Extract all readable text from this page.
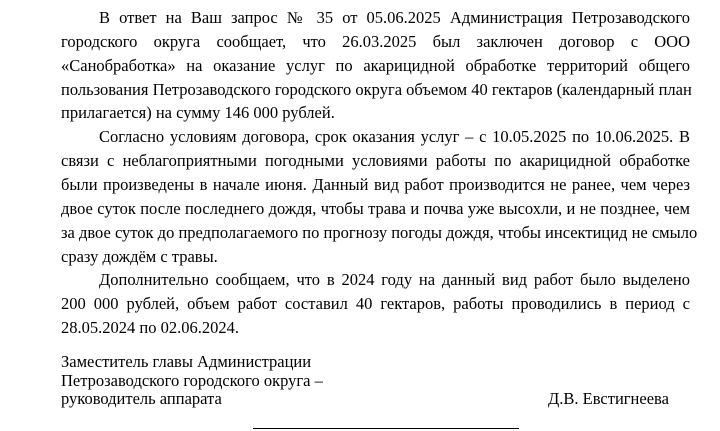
В ответ на Ваш запрос № 35 от 05.06.2025 Администрация Петрозаводского
городского округа сообщает, что 26.03.2025 был заключен договор с ООО
«Санобработка» на оказание услуг по акарицидной обработке территорий общего
пользования Петрозаводского городского округа объемом 40 гектаров (календарный план
прилагается) на сумму 146 000 рублей.
Согласно условиям договора, срок оказания услуг – с 10.05.2025 по 10.06.2025. В
связи с неблагоприятными погодными условиями работы по акарицидной обработке
были произведены в начале июня. Данный вид работ производится не ранее, чем через
двое суток после последнего дождя, чтобы трава и почва уже высохли, и не позднее, чем
за двое суток до предполагаемого по прогнозу погоды дождя, чтобы инсектицид не смыло
сразу дождём с травы.
Дополнительно сообщаем, что в 2024 году на данный вид работ было выделено
200 000 рублей, объем работ составил 40 гектаров, работы проводились в период с
28.05.2024 по 02.06.2024.
Заместитель главы Администрации
Петрозаводского городского округа –
руководитель аппарата	Д.В. Евстигнеева
